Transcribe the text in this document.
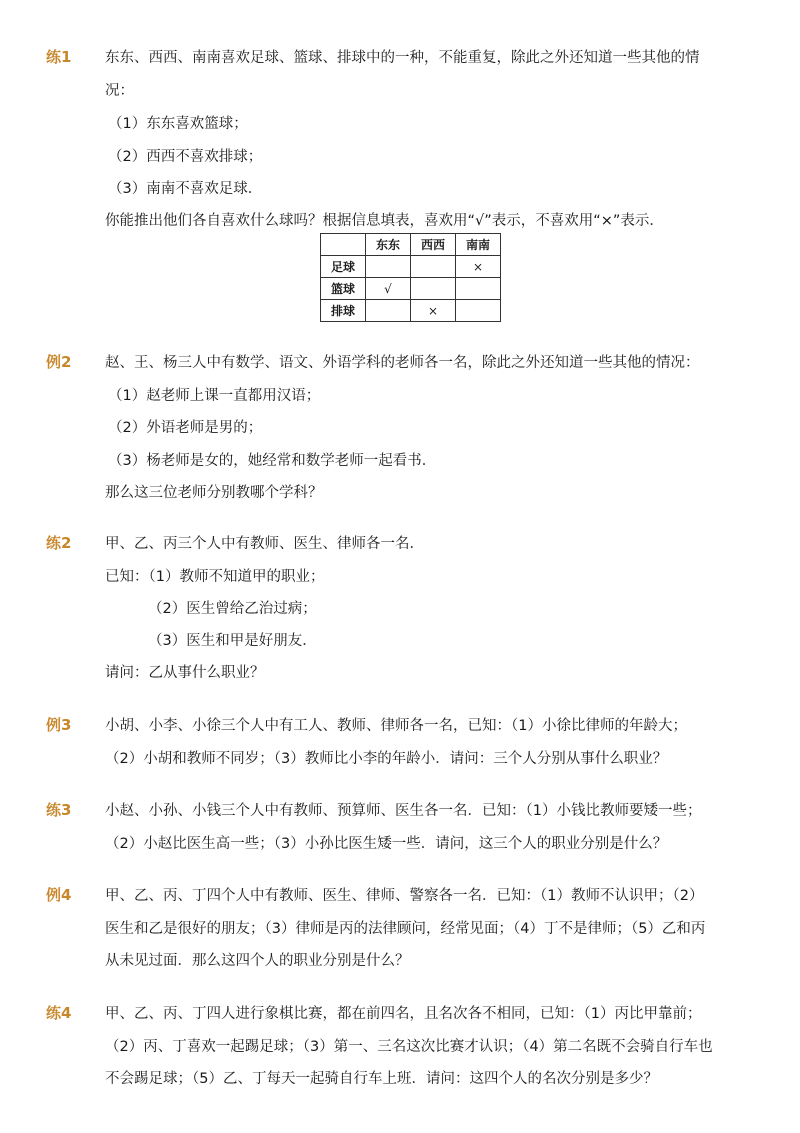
练1 东东、西西、南南喜欢足球、篮球、排球中的一种，不能重复，除此之外还知道一些其他的情
况：
（1）东东喜欢篮球；
（2）西西不喜欢排球；
（3）南南不喜欢足球．
你能推出他们各自喜欢什么球吗？根据信息填表，喜欢用“√”表示，不喜欢用“×”表示．
	东东	西西	南南
足球			×
篮球	√		
排球		×	
例2 赵、王、杨三人中有数学、语文、外语学科的老师各一名，除此之外还知道一些其他的情况：
（1）赵老师上课一直都用汉语；
（2）外语老师是男的；
（3）杨老师是女的，她经常和数学老师一起看书．
那么这三位老师分别教哪个学科？
练2 甲、乙、丙三个人中有教师、医生、律师各一名．
已知：（1）教师不知道甲的职业；
（2）医生曾给乙治过病；
（3）医生和甲是好朋友．
请问：乙从事什么职业？
例3 小胡、小李、小徐三个人中有工人、教师、律师各一名，已知：（1）小徐比律师的年龄大；
（2）小胡和教师不同岁；（3）教师比小李的年龄小．请问：三个人分别从事什么职业？
练3 小赵、小孙、小钱三个人中有教师、预算师、医生各一名．已知：（1）小钱比教师要矮一些；
（2）小赵比医生高一些；（3）小孙比医生矮一些．请问，这三个人的职业分别是什么？
例4 甲、乙、丙、丁四个人中有教师、医生、律师、警察各一名．已知：（1）教师不认识甲；（2）
医生和乙是很好的朋友；（3）律师是丙的法律顾问，经常见面；（4）丁不是律师；（5）乙和丙
从未见过面．那么这四个人的职业分别是什么？
练4 甲、乙、丙、丁四人进行象棋比赛，都在前四名，且名次各不相同，已知：（1）丙比甲靠前；
（2）丙、丁喜欢一起踢足球；（3）第一、三名这次比赛才认识；（4）第二名既不会骑自行车也
不会踢足球；（5）乙、丁每天一起骑自行车上班．请问：这四个人的名次分别是多少？
